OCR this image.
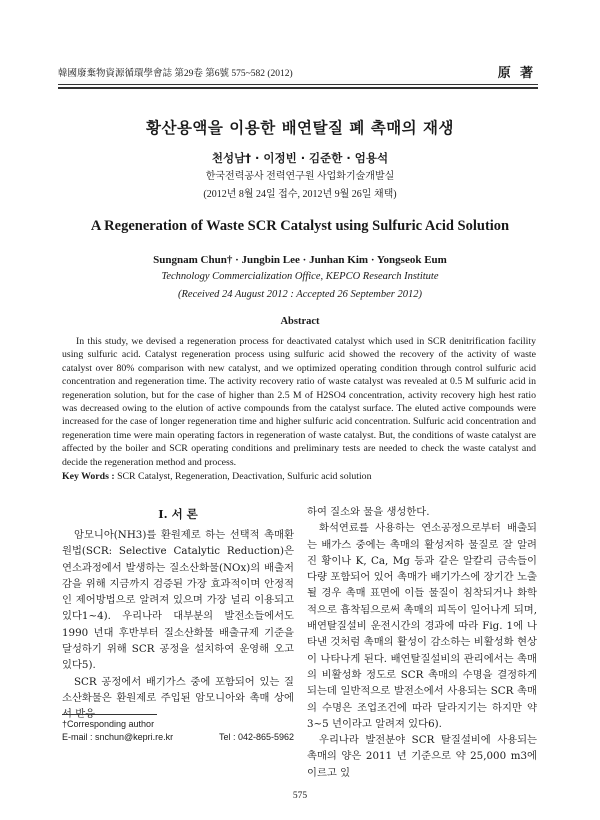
韓國廢棄物資源循環學會誌 第29卷 第6號 575~582 (2012)	原 著
황산용액을 이용한 배연탈질 폐 촉매의 재생
천성남† · 이정빈 · 김준한 · 엄용석
한국전력공사 전력연구원 사업화기술개발실
(2012년 8월 24일 접수, 2012년 9월 26일 채택)
A Regeneration of Waste SCR Catalyst using Sulfuric Acid Solution
Sungnam Chun† · Jungbin Lee · Junhan Kim · Yongseok Eum
Technology Commercialization Office, KEPCO Research Institute
(Received 24 August 2012 : Accepted 26 September 2012)
Abstract
In this study, we devised a regeneration process for deactivated catalyst which used in SCR denitrification facility using sulfuric acid. Catalyst regeneration process using sulfuric acid showed the recovery of the activity of waste catalyst over 80% comparison with new catalyst, and we optimized operating condition through control sulfuric acid concentration and regeneration time. The activity recovery ratio of waste catalyst was revealed at 0.5 M sulfuric acid in regeneration solution, but for the case of higher than 2.5 M of H2SO4 concentration, activity recovery high hest ratio was decreased owing to the elution of active compounds from the catalyst surface. The eluted active compounds were increased for the case of longer regeneration time and higher sulfuric acid concentration. Sulfuric acid concentration and regeneration time were main operating factors in regeneration of waste catalyst. But, the conditions of waste catalyst are affected by the boiler and SCR operating conditions and preliminary tests are needed to check the waste catalyst and decide the regeneration method and process.
Key Words : SCR Catalyst, Regeneration, Deactivation, Sulfuric acid solution
I. 서 론

암모니아(NH3)를 환원제로 하는 선택적 촉매환원법(SCR: Selective Catalytic Reduction)은 연소과정에서 발생하는 질소산화물(NOx)의 배출저감을 위해 지금까지 검증된 가장 효과적이며 안정적인 제어방법으로 알려져 있으며 가장 널리 이용되고 있다1~4). 우리나라 대부분의 발전소들에서도 1990 년대 후반부터 질소산화물 배출규제 기준을 달성하기 위해 SCR 공정을 설치하여 운영해 오고 있다5).

SCR 공정에서 배기가스 중에 포함되어 있는 질소산화물은 환원제로 주입된 암모니아와 촉매 상에서 반응

하여 질소와 물을 생성한다.

화석연료를 사용하는 연소공정으로부터 배출되는 배가스 중에는 촉매의 활성저하 물질로 잘 알려진 황이나 K, Ca, Mg 등과 같은 알칼리 금속들이 다량 포함되어 있어 촉매가 배기가스에 장기간 노출될 경우 촉매 표면에 이들 물질이 침착되거나 화학적으로 흡착됨으로써 촉매의 피독이 일어나게 되며, 배연탈질설비 운전시간의 경과에 따라 Fig. 1에 나타낸 것처럼 촉매의 활성이 감소하는 비활성화 현상이 나타나게 된다. 배연탈질설비의 관리에서는 촉매의 비활성화 정도로 SCR 촉매의 수명을 결정하게 되는데 일반적으로 발전소에서 사용되는 SCR 촉매의 수명은 조업조건에 따라 달라지기는 하지만 약 3~5 년이라고 알려져 있다6).

우리나라 발전분야 SCR 탈질설비에 사용되는 촉매의 양은 2011 년 기준으로 약 25,000 m3에 이르고 있

†Corresponding author
E-mail : snchun@kepri.re.kr	Tel : 042-865-5962
575
